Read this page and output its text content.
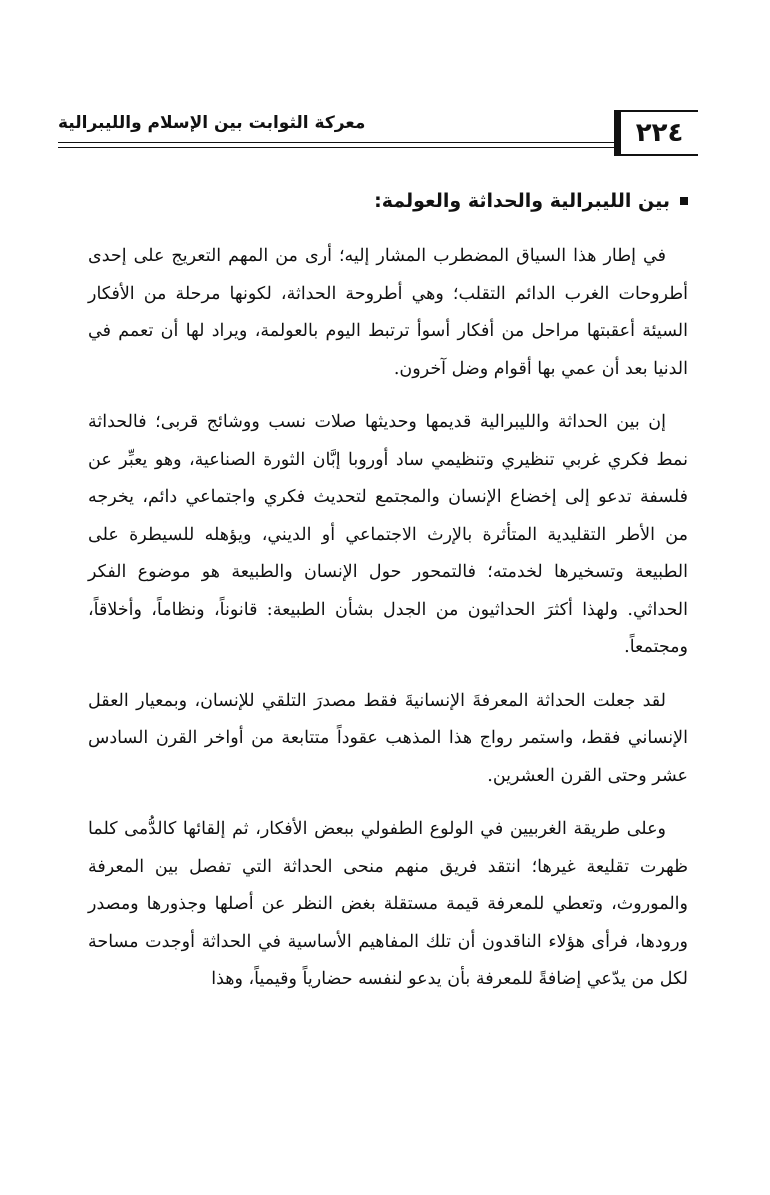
٢٢٤
معركة الثوابت بين الإسلام والليبرالية
بين الليبرالية والحداثة والعولمة:

في إطار هذا السياق المضطرب المشار إليه؛ أرى من المهم التعريج على إحدى أطروحات الغرب الدائم التقلب؛ وهي أطروحة الحداثة، لكونها مرحلة من الأفكار السيئة أعقبتها مراحل من أفكار أسوأ ترتبط اليوم بالعولمة، ويراد لها أن تعمم في الدنيا بعد أن عمي بها أقوام وضل آخرون.

إن بين الحداثة والليبرالية قديمها وحديثها صلات نسب ووشائج قربى؛ فالحداثة نمط فكري غربي تنظيري وتنظيمي ساد أوروبا إبَّان الثورة الصناعية، وهو يعبِّر عن فلسفة تدعو إلى إخضاع الإنسان والمجتمع لتحديث فكري واجتماعي دائم، يخرجه من الأطر التقليدية المتأثرة بالإرث الاجتماعي أو الديني، ويؤهله للسيطرة على الطبيعة وتسخيرها لخدمته؛ فالتمحور حول الإنسان والطبيعة هو موضوع الفكر الحداثي. ولهذا أكثرَ الحداثيون من الجدل بشأن الطبيعة: قانوناً، ونظاماً، وأخلاقاً، ومجتمعاً.

لقد جعلت الحداثة المعرفةَ الإنسانيةَ فقط مصدرَ التلقي للإنسان، وبمعيار العقل الإنساني فقط، واستمر رواج هذا المذهب عقوداً متتابعة من أواخر القرن السادس عشر وحتى القرن العشرين.

وعلى طريقة الغربيين في الولوع الطفولي ببعض الأفكار، ثم إلقائها كالدُّمى كلما ظهرت تقليعة غيرها؛ انتقد فريق منهم منحى الحداثة التي تفصل بين المعرفة والموروث، وتعطي للمعرفة قيمة مستقلة بغض النظر عن أصلها وجذورها ومصدر ورودها، فرأى هؤلاء الناقدون أن تلك المفاهيم الأساسية في الحداثة أوجدت مساحة لكل من يدّعي إضافةً للمعرفة بأن يدعو لنفسه حضارياً وقيمياً، وهذا
